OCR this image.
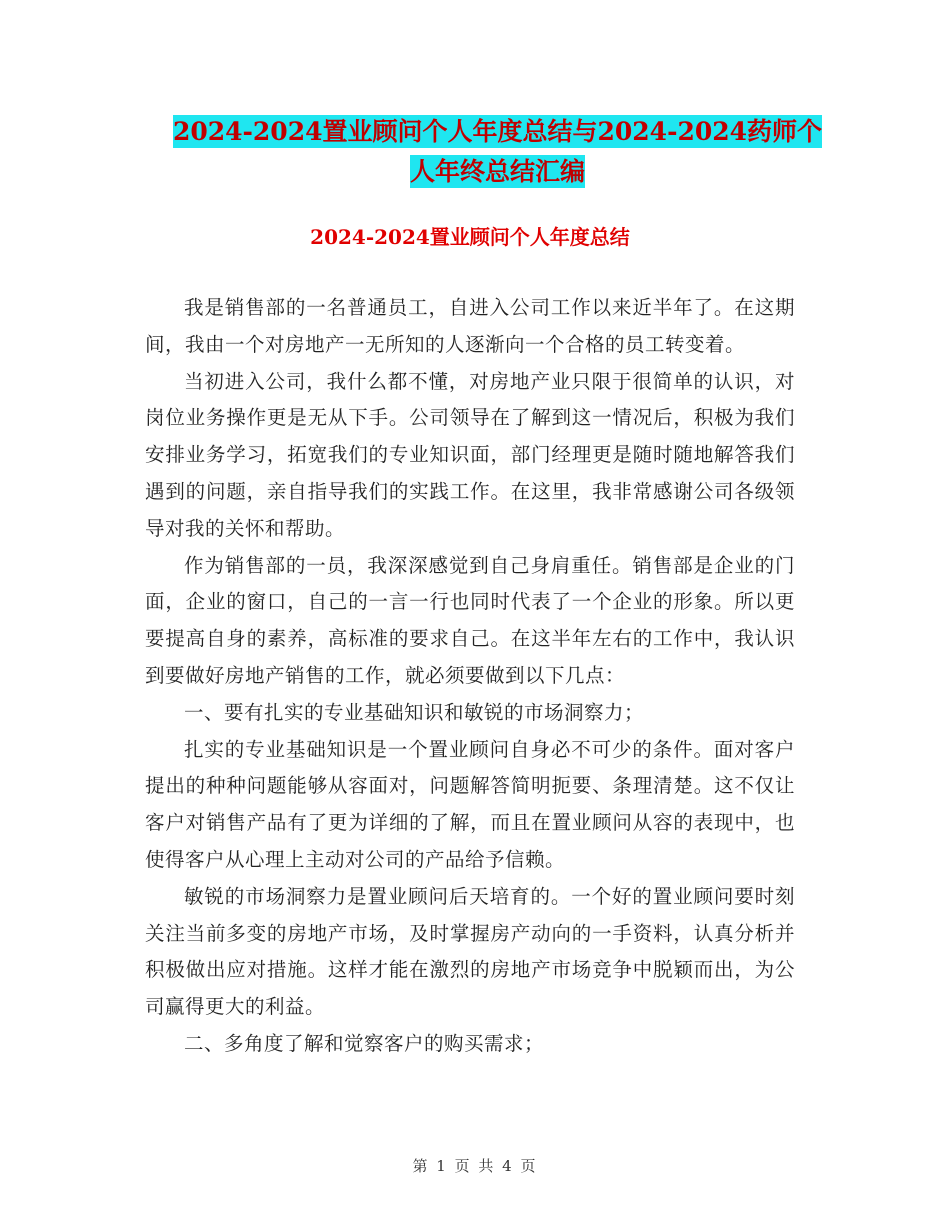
2024-2024置业顾问个人年度总结与2024-2024药师个
人年终总结汇编
2024-2024置业顾问个人年度总结

我是销售部的一名普通员工，自进入公司工作以来近半年了。在这期间，我由一个对房地产一无所知的人逐渐向一个合格的员工转变着。

当初进入公司，我什么都不懂，对房地产业只限于很简单的认识，对岗位业务操作更是无从下手。公司领导在了解到这一情况后，积极为我们安排业务学习，拓宽我们的专业知识面，部门经理更是随时随地解答我们遇到的问题，亲自指导我们的实践工作。在这里，我非常感谢公司各级领导对我的关怀和帮助。

作为销售部的一员，我深深感觉到自己身肩重任。销售部是企业的门面，企业的窗口，自己的一言一行也同时代表了一个企业的形象。所以更要提高自身的素养，高标准的要求自己。在这半年左右的工作中，我认识到要做好房地产销售的工作，就必须要做到以下几点：

一、要有扎实的专业基础知识和敏锐的市场洞察力；

扎实的专业基础知识是一个置业顾问自身必不可少的条件。面对客户提出的种种问题能够从容面对，问题解答简明扼要、条理清楚。这不仅让客户对销售产品有了更为详细的了解，而且在置业顾问从容的表现中，也使得客户从心理上主动对公司的产品给予信赖。

敏锐的市场洞察力是置业顾问后天培育的。一个好的置业顾问要时刻关注当前多变的房地产市场，及时掌握房产动向的一手资料，认真分析并积极做出应对措施。这样才能在激烈的房地产市场竞争中脱颖而出，为公司赢得更大的利益。

二、多角度了解和觉察客户的购买需求；

第 1 页 共 4 页
